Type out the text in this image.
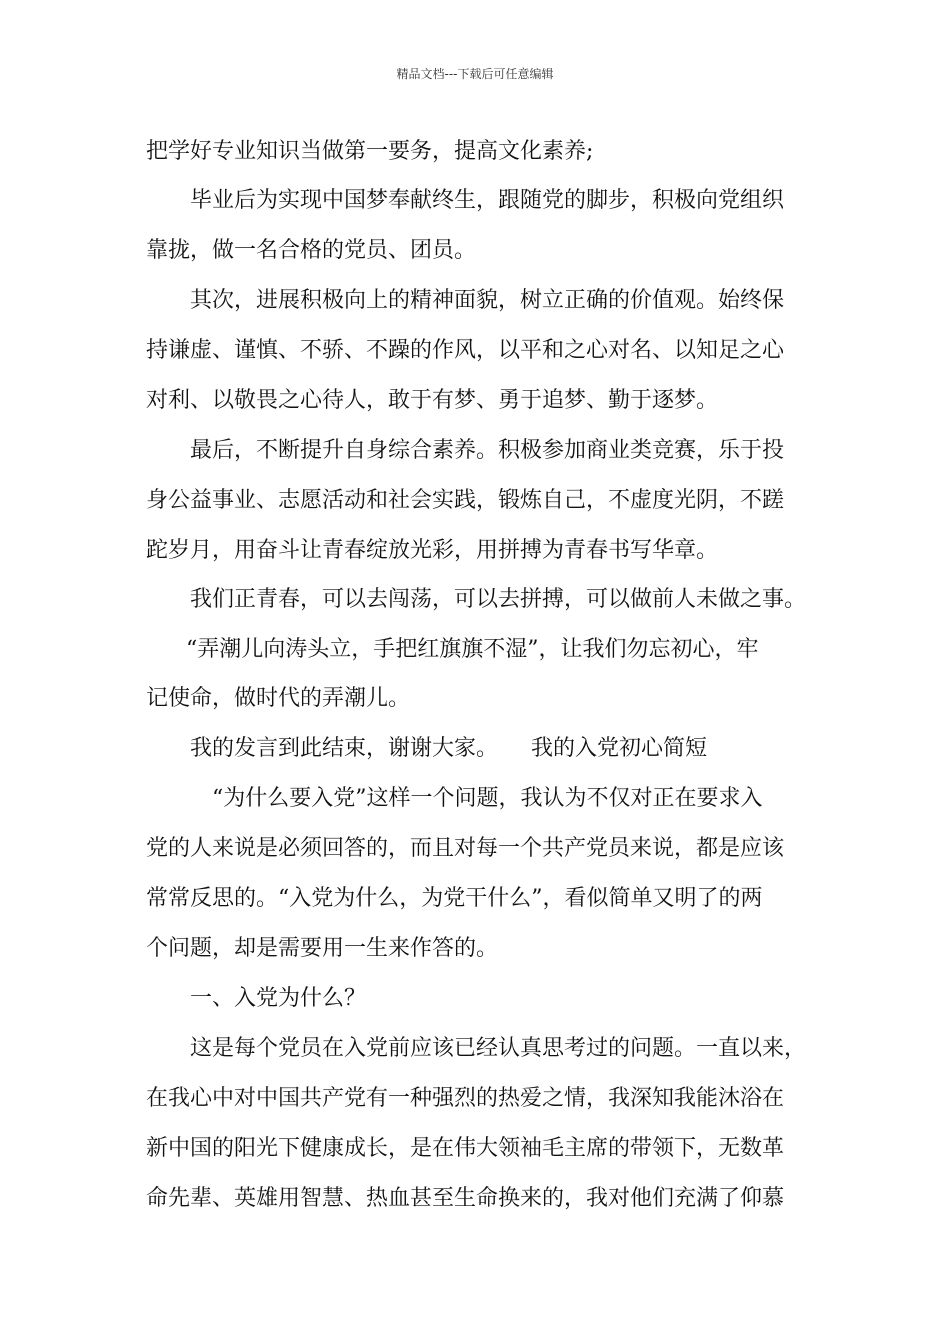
精品文档---下载后可任意编辑
把学好专业知识当做第一要务，提高文化素养;
毕业后为实现中国梦奉献终生，跟随党的脚步，积极向党组织
靠拢，做一名合格的党员、团员。
其次，进展积极向上的精神面貌，树立正确的价值观。始终保
持谦虚、谨慎、不骄、不躁的作风，以平和之心对名、以知足之心
对利、以敬畏之心待人，敢于有梦、勇于追梦、勤于逐梦。
最后，不断提升自身综合素养。积极参加商业类竞赛，乐于投
身公益事业、志愿活动和社会实践，锻炼自己，不虚度光阴，不蹉
跎岁月，用奋斗让青春绽放光彩，用拼搏为青春书写华章。
我们正青春，可以去闯荡，可以去拼搏，可以做前人未做之事。
“弄潮儿向涛头立，手把红旗旗不湿”，让我们勿忘初心，牢
记使命，做时代的弄潮儿。
我的发言到此结束，谢谢大家。　　我的入党初心简短
　“为什么要入党”这样一个问题，我认为不仅对正在要求入
党的人来说是必须回答的，而且对每一个共产党员来说，都是应该
常常反思的。“入党为什么，为党干什么”，看似简单又明了的两
个问题，却是需要用一生来作答的。
一、入党为什么？
这是每个党员在入党前应该已经认真思考过的问题。一直以来，
在我心中对中国共产党有一种强烈的热爱之情，我深知我能沐浴在
新中国的阳光下健康成长，是在伟大领袖毛主席的带领下，无数革
命先辈、英雄用智慧、热血甚至生命换来的，我对他们充满了仰慕
